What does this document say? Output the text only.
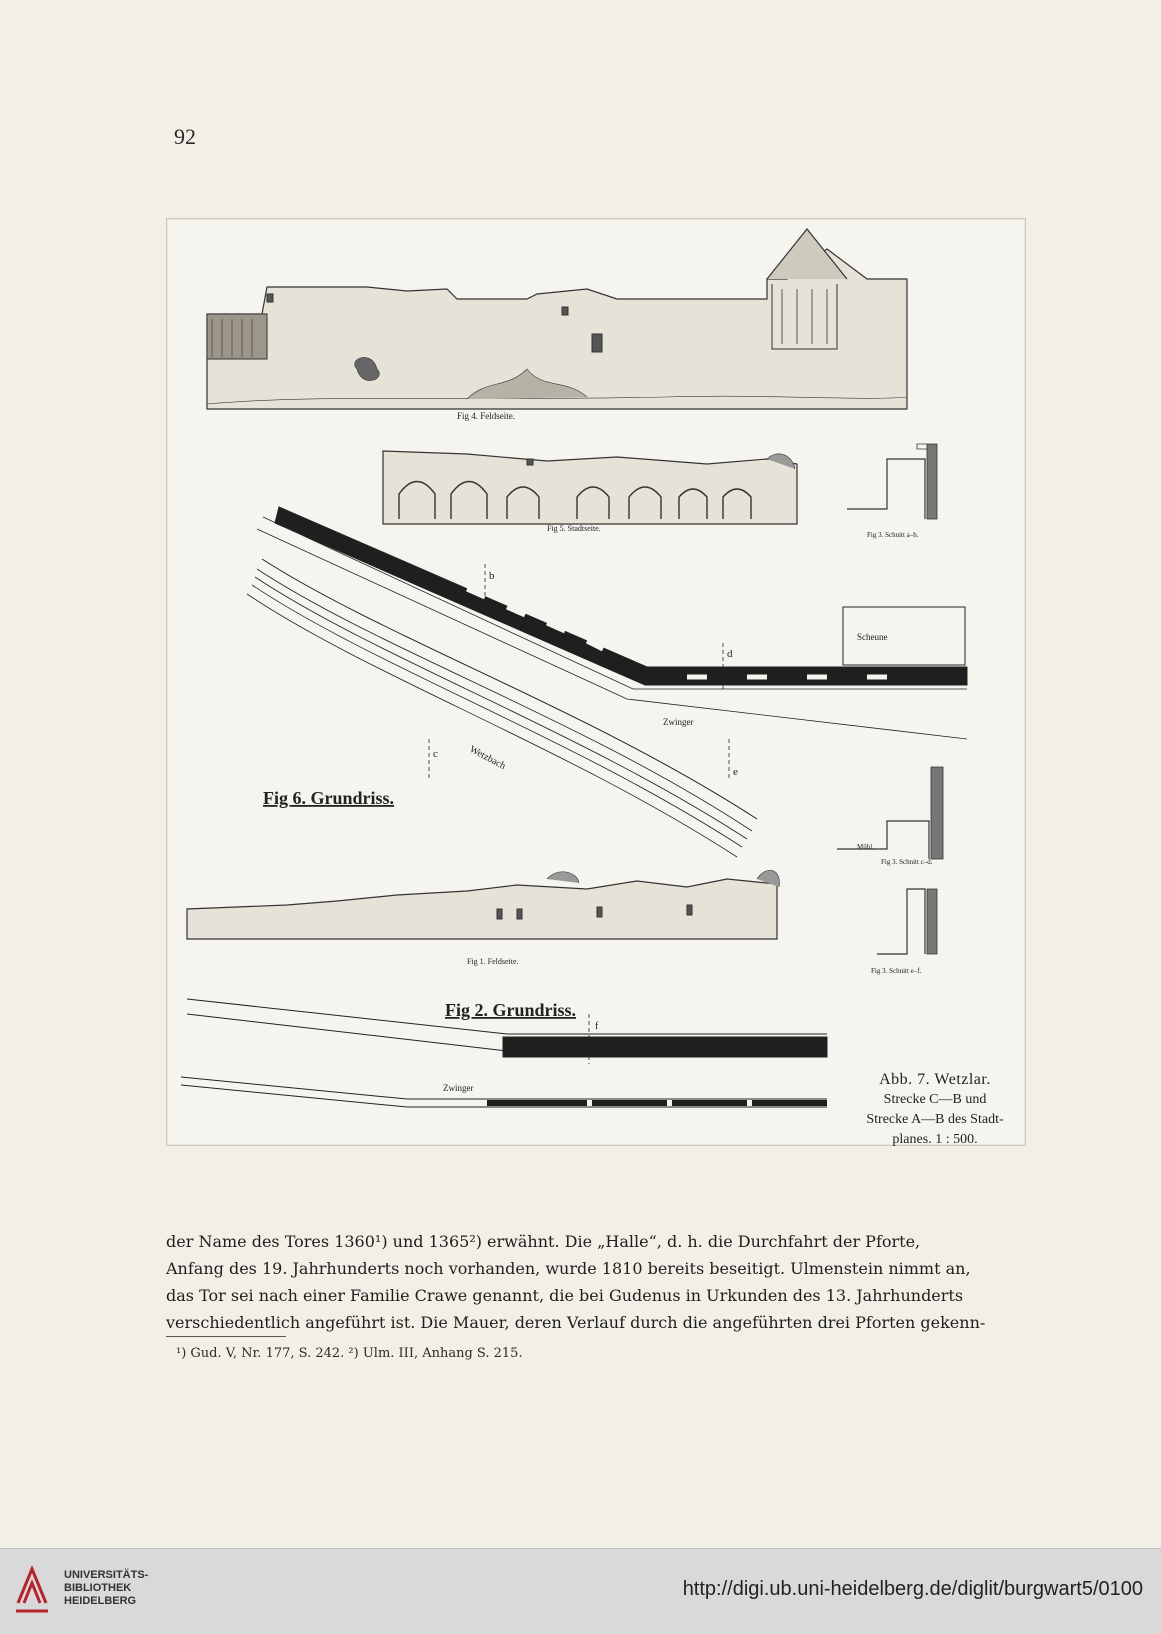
92
Fig 4. Feldseite.
Fig 5. Stadtseite.
Fig 3. Schnitt a–b.
b
d
c
e
Scheune
Zwinger
Wetzbach
Fig 6. Grundriss.
Mühl.
Fig 3. Schnitt c–d.
Fig 1. Feldseite.
Fig 3. Schnitt e–f.
Fig 2. Grundriss.
f
Zwinger	Abb. 7. Wetzlar.
Strecke C—B und
Strecke A—B des Stadt-
planes. 1 : 500.

der Name des Tores 1360¹) und 1365²) erwähnt. Die „Halle“, d. h. die Durchfahrt der Pforte,

Anfang des 19. Jahrhunderts noch vorhanden, wurde 1810 bereits beseitigt. Ulmenstein nimmt an,

das Tor sei nach einer Familie Crawe genannt, die bei Gudenus in Urkunden des 13. Jahrhunderts

verschiedentlich angeführt ist. Die Mauer, deren Verlauf durch die angeführten drei Pforten gekenn-

¹) Gud. V, Nr. 177, S. 242. ²) Ulm. III, Anhang S. 215.
UNIVERSITÄTS-
BIBLIOTHEK
HEIDELBERG
http://digi.ub.uni-heidelberg.de/diglit/burgwart5/0100
